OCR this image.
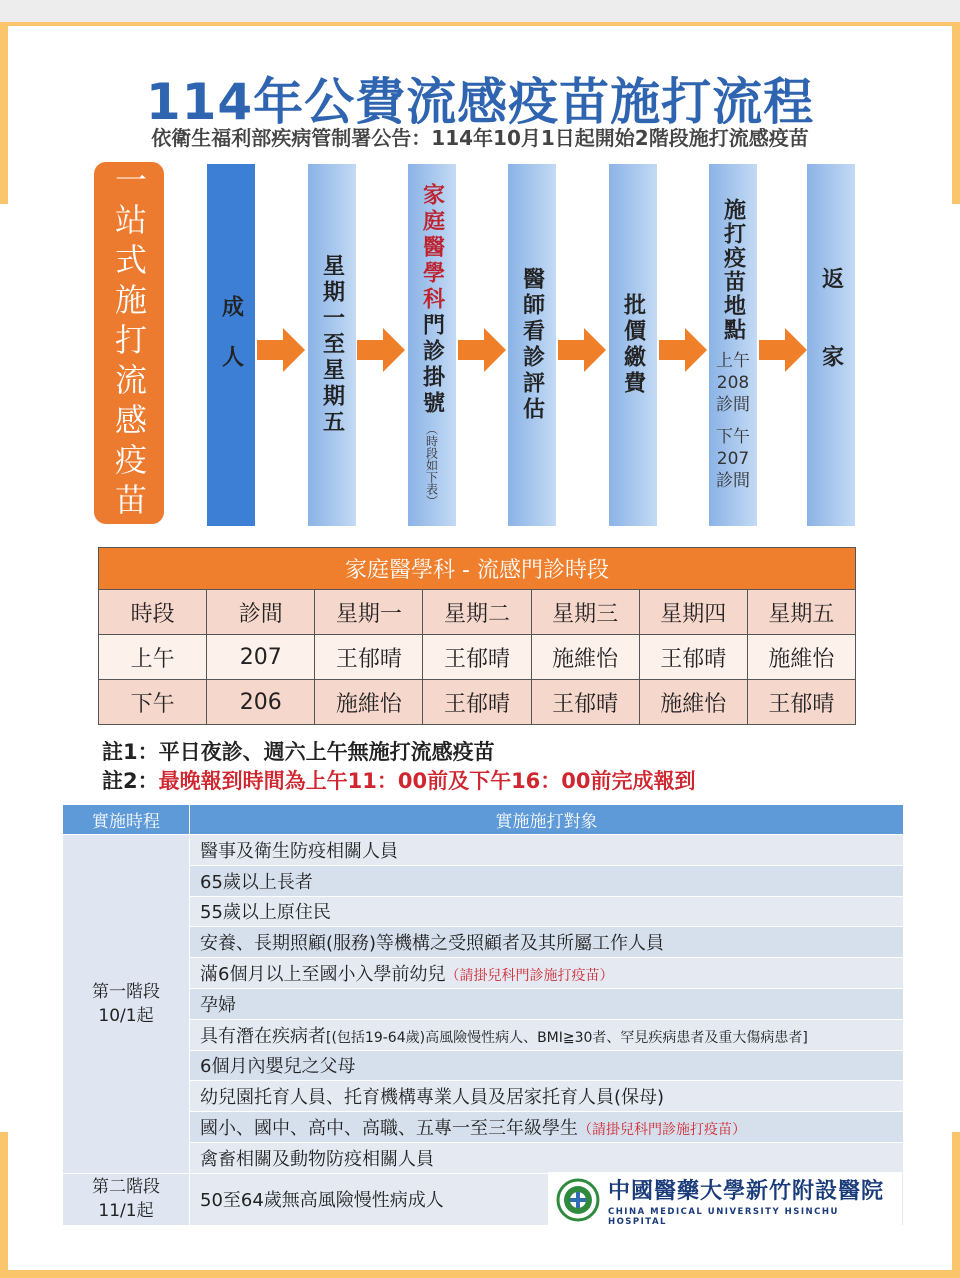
114年公費流感疫苗施打流程
依衛生福利部疾病管制署公告：114年10月1日起開始2階段施打流感疫苗
一站式施打流感疫苗	成人	星期一至星期五
家庭醫學科
門診掛號
（時段如下表）
醫師看診評估	批價繳費
施打疫苗地點
上午
208
診間
下午
207
診間
返家
家庭醫學科 - 流感門診時段						
時段	診間	星期一	星期二	星期三	星期四	星期五
上午	207	王郁晴	王郁晴	施維怡	王郁晴	施維怡
下午	206	施維怡	王郁晴	王郁晴	施維怡	王郁晴
註1：平日夜診、週六上午無施打流感疫苗
註2：最晚報到時間為上午11：00前及下午16：00前完成報到
實施時程	實施施打對象

第一階段
10/1起	醫事及衛生防疫相關人員
	65歲以上長者
	55歲以上原住民
	安養、長期照顧(服務)等機構之受照顧者及其所屬工作人員
	滿6個月以上至國小入學前幼兒（請掛兒科門診施打疫苗）
	孕婦
	具有潛在疾病者[(包括19-64歲)高風險慢性病人、BMI≧30者、罕見疾病患者及重大傷病患者]
	6個月內嬰兒之父母
	幼兒園托育人員、托育機構專業人員及居家托育人員(保母)
	國小、國中、高中、高職、五專一至三年級學生（請掛兒科門診施打疫苗）
	禽畜相關及動物防疫相關人員

第二階段
11/1起	50至64歲無高風險慢性病成人	中國醫藥大學新竹附設醫院
CHINA MEDICAL UNIVERSITY HSINCHU HOSPITAL
